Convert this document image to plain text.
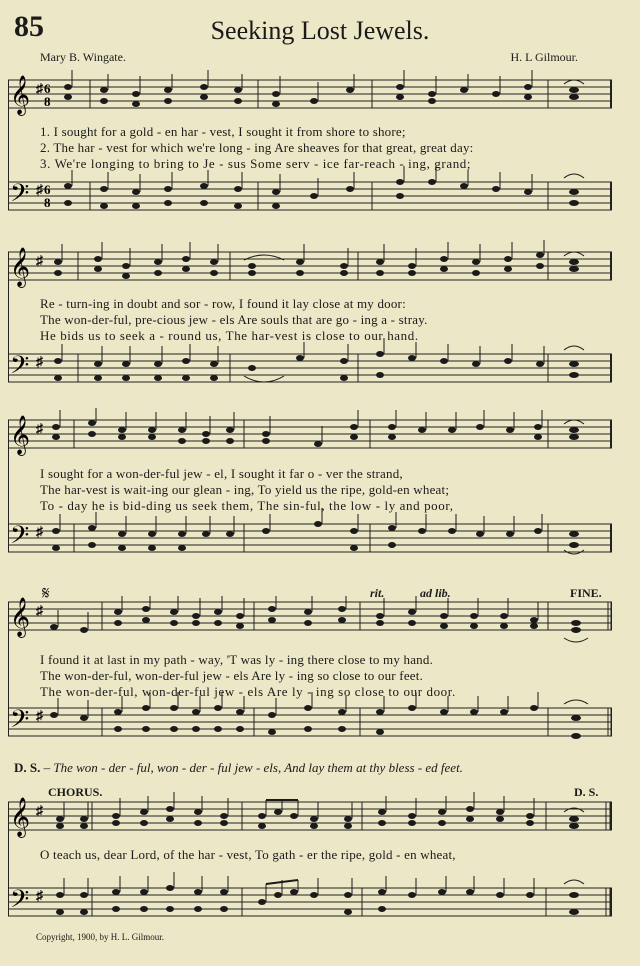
85	Seeking Lost Jewels.
Mary B. Wingate.	H. L Gilmour.
𝄞
𝄢
♯
♯
6
8
6
8
1. I sought for a gold - en har - vest, I sought it from shore to shore;
2. The har - vest for which we're long - ing Are sheaves for that great, great day:
3. We're longing to bring to Je - sus Some serv - ice far-reach - ing, grand;
𝄞
𝄢
♯
♯
Re - turn-ing in doubt and sor - row, I found it lay close at my door:
The won-der-ful, pre-cious jew - els Are souls that are go - ing a - stray.
He bids us to seek a - round us, The har-vest is close to our hand.
𝄞
𝄢
♯
♯
I sought for a won-der-ful jew - el, I sought it far o - ver the strand,
The har-vest is wait-ing our glean - ing, To yield us the ripe, gold-en wheat;
To - day he is bid-ding us seek them, The sin-ful, the low - ly and poor,
𝄋	rit.	ad lib.	FINE.
𝄞
𝄢
♯
♯
I found it at last in my path - way, 'T was ly - ing there close to my hand.
The won-der-ful, won-der-ful jew - els Are ly - ing so close to our feet.
The won-der-ful, won-der-ful jew - els Are ly - ing so close to our door.
D. S. – The won - der - ful, won - der - ful jew - els, And lay them at thy bless - ed feet.
CHORUS.	D. S.
𝄞
𝄢
♯
♯
O teach us, dear Lord, of the har - vest, To gath - er the ripe, gold - en wheat,
Copyright, 1900, by H. L. Gilmour.
